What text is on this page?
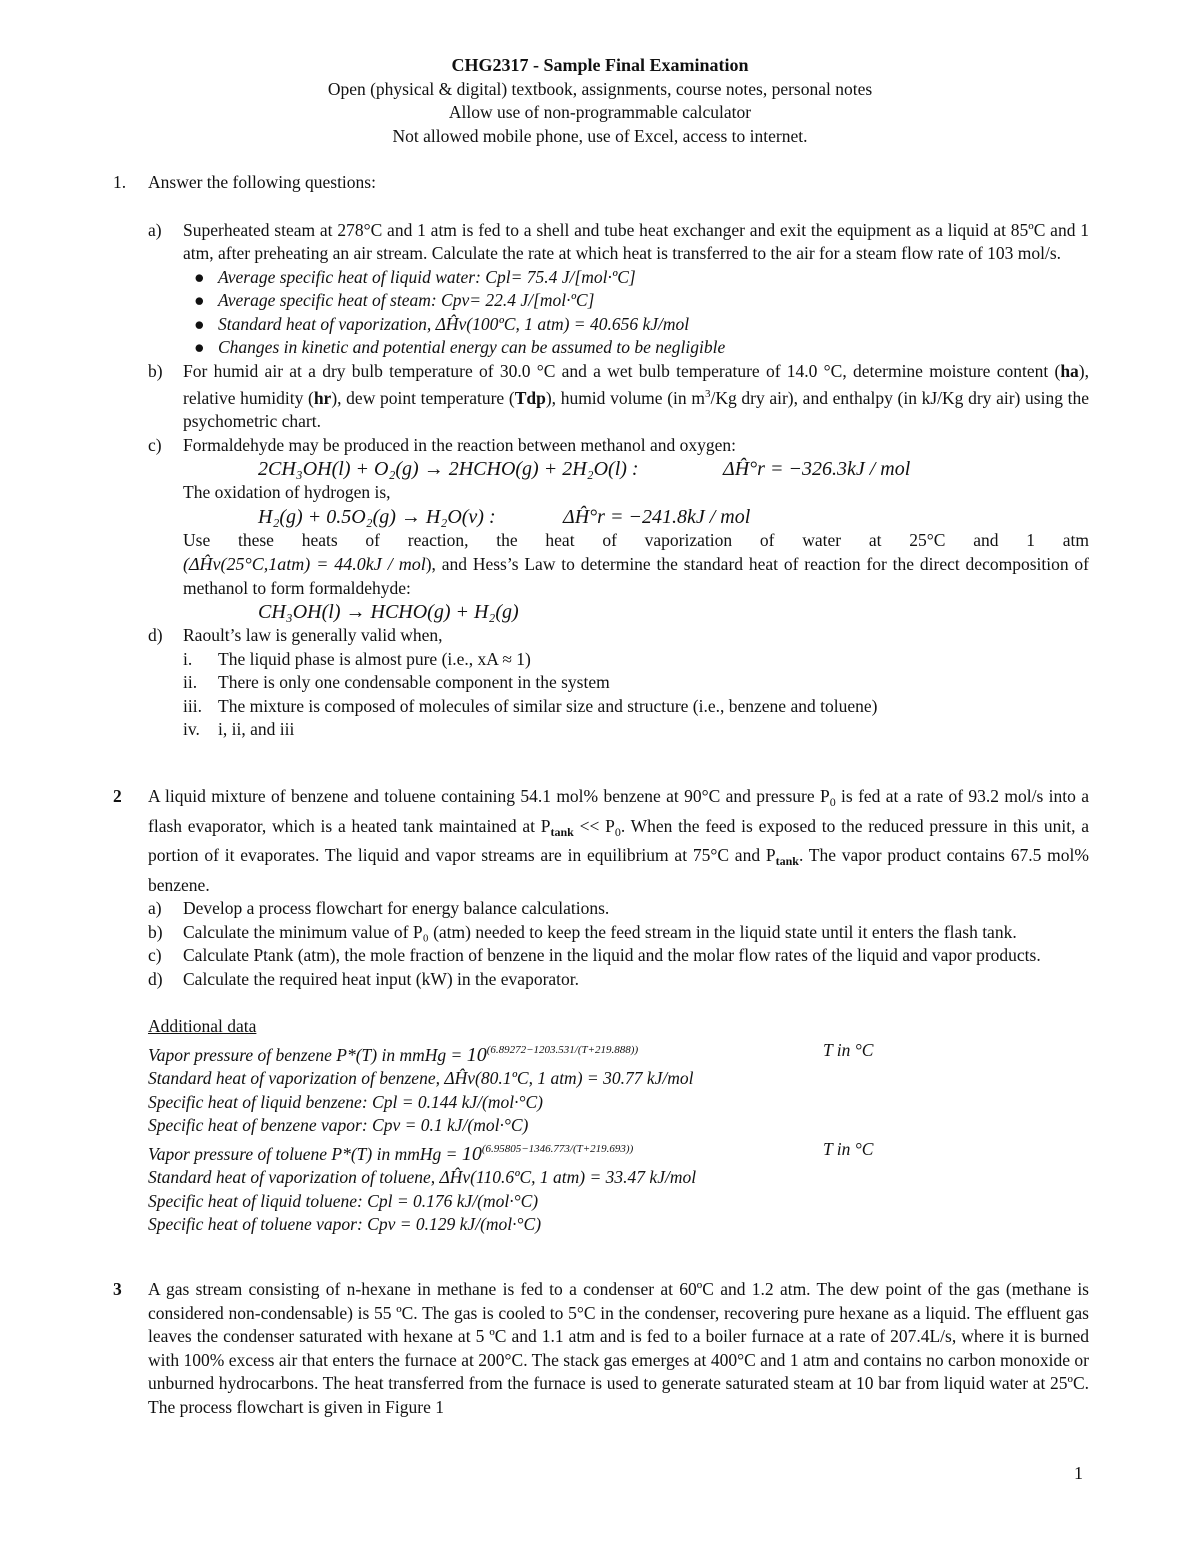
CHG2317 - Sample Final Examination
Open (physical & digital) textbook, assignments, course notes, personal notes
Allow use of non-programmable calculator
Not allowed mobile phone, use of Excel, access to internet.
1.	Answer the following questions:
a) Superheated steam at 278°C and 1 atm is fed to a shell and tube heat exchanger and exit the equipment as a liquid at 85ºC and 1 atm, after preheating an air stream. Calculate the rate at which heat is transferred to the air for a steam flow rate of 103 mol/s.
● Average specific heat of liquid water: Cpl= 75.4 J/[mol·ºC]
● Average specific heat of steam: Cpv= 22.4 J/[mol·ºC]
● Standard heat of vaporization, ΔĤv(100ºC, 1 atm) = 40.656 kJ/mol
● Changes in kinetic and potential energy can be assumed to be negligible
b) For humid air at a dry bulb temperature of 30.0 °C and a wet bulb temperature of 14.0 °C, determine moisture content (ha), relative humidity (hr), dew point temperature (Tdp), humid volume (in $m^3/Kg$ dry air), and enthalpy (in kJ/Kg dry air) using the psychometric chart.
c) Formaldehyde may be produced in the reaction between methanol and oxygen:
2CH₃OH(l) + O₂(g) → 2HCHO(g) + 2H₂O(l) :	ΔĤ°r = −326.3kJ / mol
The oxidation of hydrogen is,
H₂(g) + 0.5O₂(g) → H₂O(v) :	ΔĤ°r = −241.8kJ / mol
Use these heats of reaction, the heat of vaporization of water at 25°C and 1 atm
(ΔĤv(25°C,1atm) = 44.0kJ / mol), and Hess’s Law to determine the standard heat of reaction for the direct decomposition of methanol to form formaldehyde:
CH₃OH(l) → HCHO(g) + H₂(g)
d) Raoult’s law is generally valid when,
i. The liquid phase is almost pure (i.e., xA ≈ 1)
ii. There is only one condensable component in the system
iii. The mixture is composed of molecules of similar size and structure (i.e., benzene and toluene)
iv. i, ii, and iii
2	A liquid mixture of benzene and toluene containing 54.1 mol% benzene at 90°C and pressure $P_0$ is fed at a rate of 93.2 mol/s into a flash evaporator, which is a heated tank maintained at $P_{tank} << P_0$. When the feed is exposed to the reduced pressure in this unit, a portion of it evaporates. The liquid and vapor streams are in equilibrium at 75°C and $P_{tank}$. The vapor product contains 67.5 mol% benzene.
a) Develop a process flowchart for energy balance calculations.
b) Calculate the minimum value of P₀ (atm) needed to keep the feed stream in the liquid state until it enters the flash tank.
c) Calculate Ptank (atm), the mole fraction of benzene in the liquid and the molar flow rates of the liquid and vapor products.
d) Calculate the required heat input (kW) in the evaporator.
Additional data
Vapor pressure of benzene P*(T) in mmHg = $10^{(6.89272-1203.531/(T+219.888))}$	T in °C
Standard heat of vaporization of benzene, ΔĤv(80.1ºC, 1 atm) = 30.77 kJ/mol
Specific heat of liquid benzene: Cpl = 0.144 kJ/(mol·°C)
Specific heat of benzene vapor: Cpv = 0.1 kJ/(mol·°C)
Vapor pressure of toluene P*(T) in mmHg = $10^{(6.95805-1346.773/(T+219.693))}$	T in °C
Standard heat of vaporization of toluene, ΔĤv(110.6ºC, 1 atm) = 33.47 kJ/mol
Specific heat of liquid toluene: Cpl = 0.176 kJ/(mol·°C)
Specific heat of toluene vapor: Cpv = 0.129 kJ/(mol·°C)
3	A gas stream consisting of n-hexane in methane is fed to a condenser at 60ºC and 1.2 atm. The dew point of the gas (methane is considered non-condensable) is 55 ºC. The gas is cooled to 5°C in the condenser, recovering pure hexane as a liquid. The effluent gas leaves the condenser saturated with hexane at 5 ºC and 1.1 atm and is fed to a boiler furnace at a rate of 207.4L/s, where it is burned with 100% excess air that enters the furnace at 200°C. The stack gas emerges at 400°C and 1 atm and contains no carbon monoxide or unburned hydrocarbons. The heat transferred from the furnace is used to generate saturated steam at 10 bar from liquid water at 25ºC. The process flowchart is given in Figure 1
1
